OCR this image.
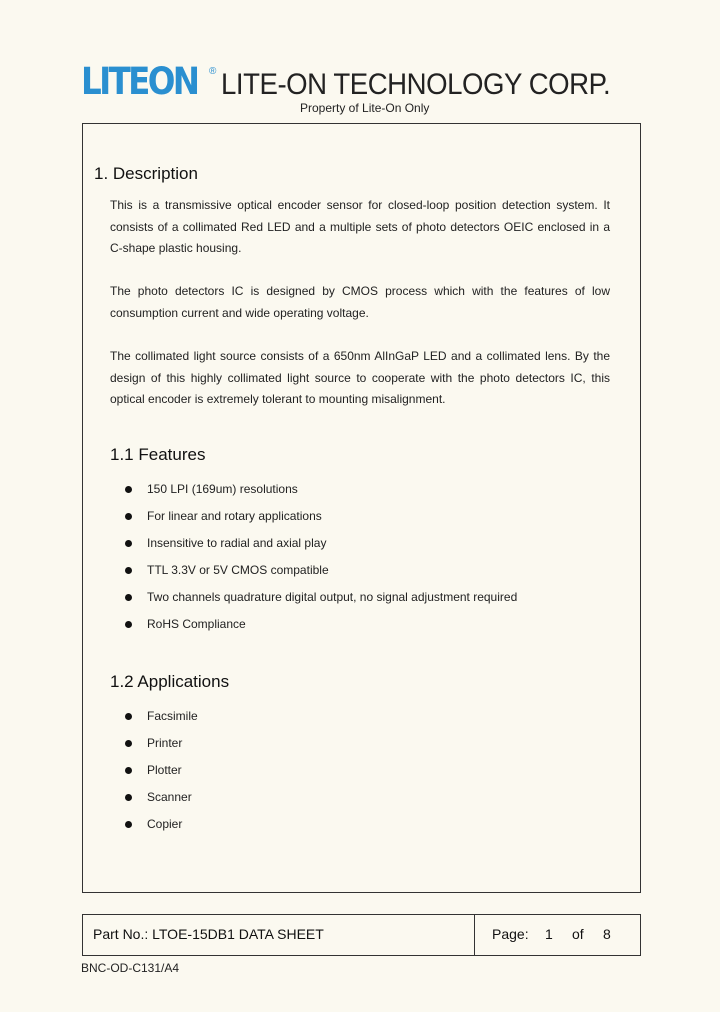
LITEON ® LITE-ON TECHNOLOGY CORP.
Property of Lite-On Only
1. Description
This is a transmissive optical encoder sensor for closed-loop position detection system. It consists of a collimated Red LED and a multiple sets of photo detectors OEIC enclosed in a C-shape plastic housing.
The photo detectors IC is designed by CMOS process which with the features of low consumption current and wide operating voltage.
The collimated light source consists of a 650nm AlInGaP LED and a collimated lens. By the design of this highly collimated light source to cooperate with the photo detectors IC, this optical encoder is extremely tolerant to mounting misalignment.
1.1 Features
150 LPI (169um) resolutions
For linear and rotary applications
Insensitive to radial and axial play
TTL 3.3V or 5V CMOS compatible
Two channels quadrature digital output, no signal adjustment required
RoHS Compliance
1.2 Applications
Facsimile
Printer
Plotter
Scanner
Copier
Part No.: LTOE-15DB1 DATA SHEET	Page: 1 of 8
BNC-OD-C131/A4
